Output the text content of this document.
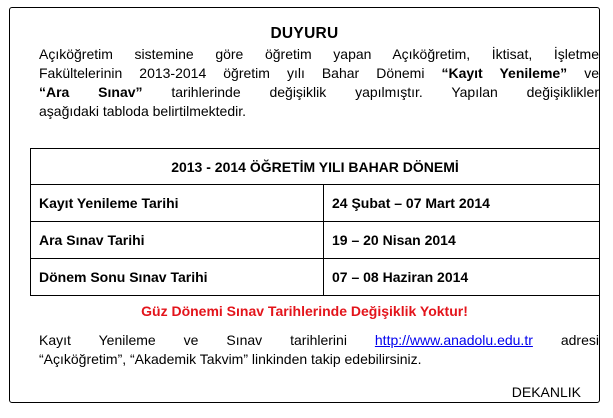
DUYURU
Açıköğretim sistemine göre öğretim yapan Açıköğretim, İktisat, İşletme
Fakültelerinin 2013-2014 öğretim yılı Bahar Dönemi “Kayıt Yenileme” ve
“Ara Sınav” tarihlerinde değişiklik yapılmıştır. Yapılan değişiklikler
aşağıdaki tabloda belirtilmektedir.
2013 - 2014 ÖĞRETİM YILI BAHAR DÖNEMİ	
Kayıt Yenileme Tarihi	24 Şubat – 07 Mart 2014
Ara Sınav Tarihi	19 – 20 Nisan 2014
Dönem Sonu Sınav Tarihi	07 – 08 Haziran 2014
Güz Dönemi Sınav Tarihlerinde Değişiklik Yoktur!
Kayıt Yenileme ve Sınav tarihlerini http://www.anadolu.edu.tr adresi
“Açıköğretim”, “Akademik Takvim” linkinden takip edebilirsiniz.
DEKANLIK
